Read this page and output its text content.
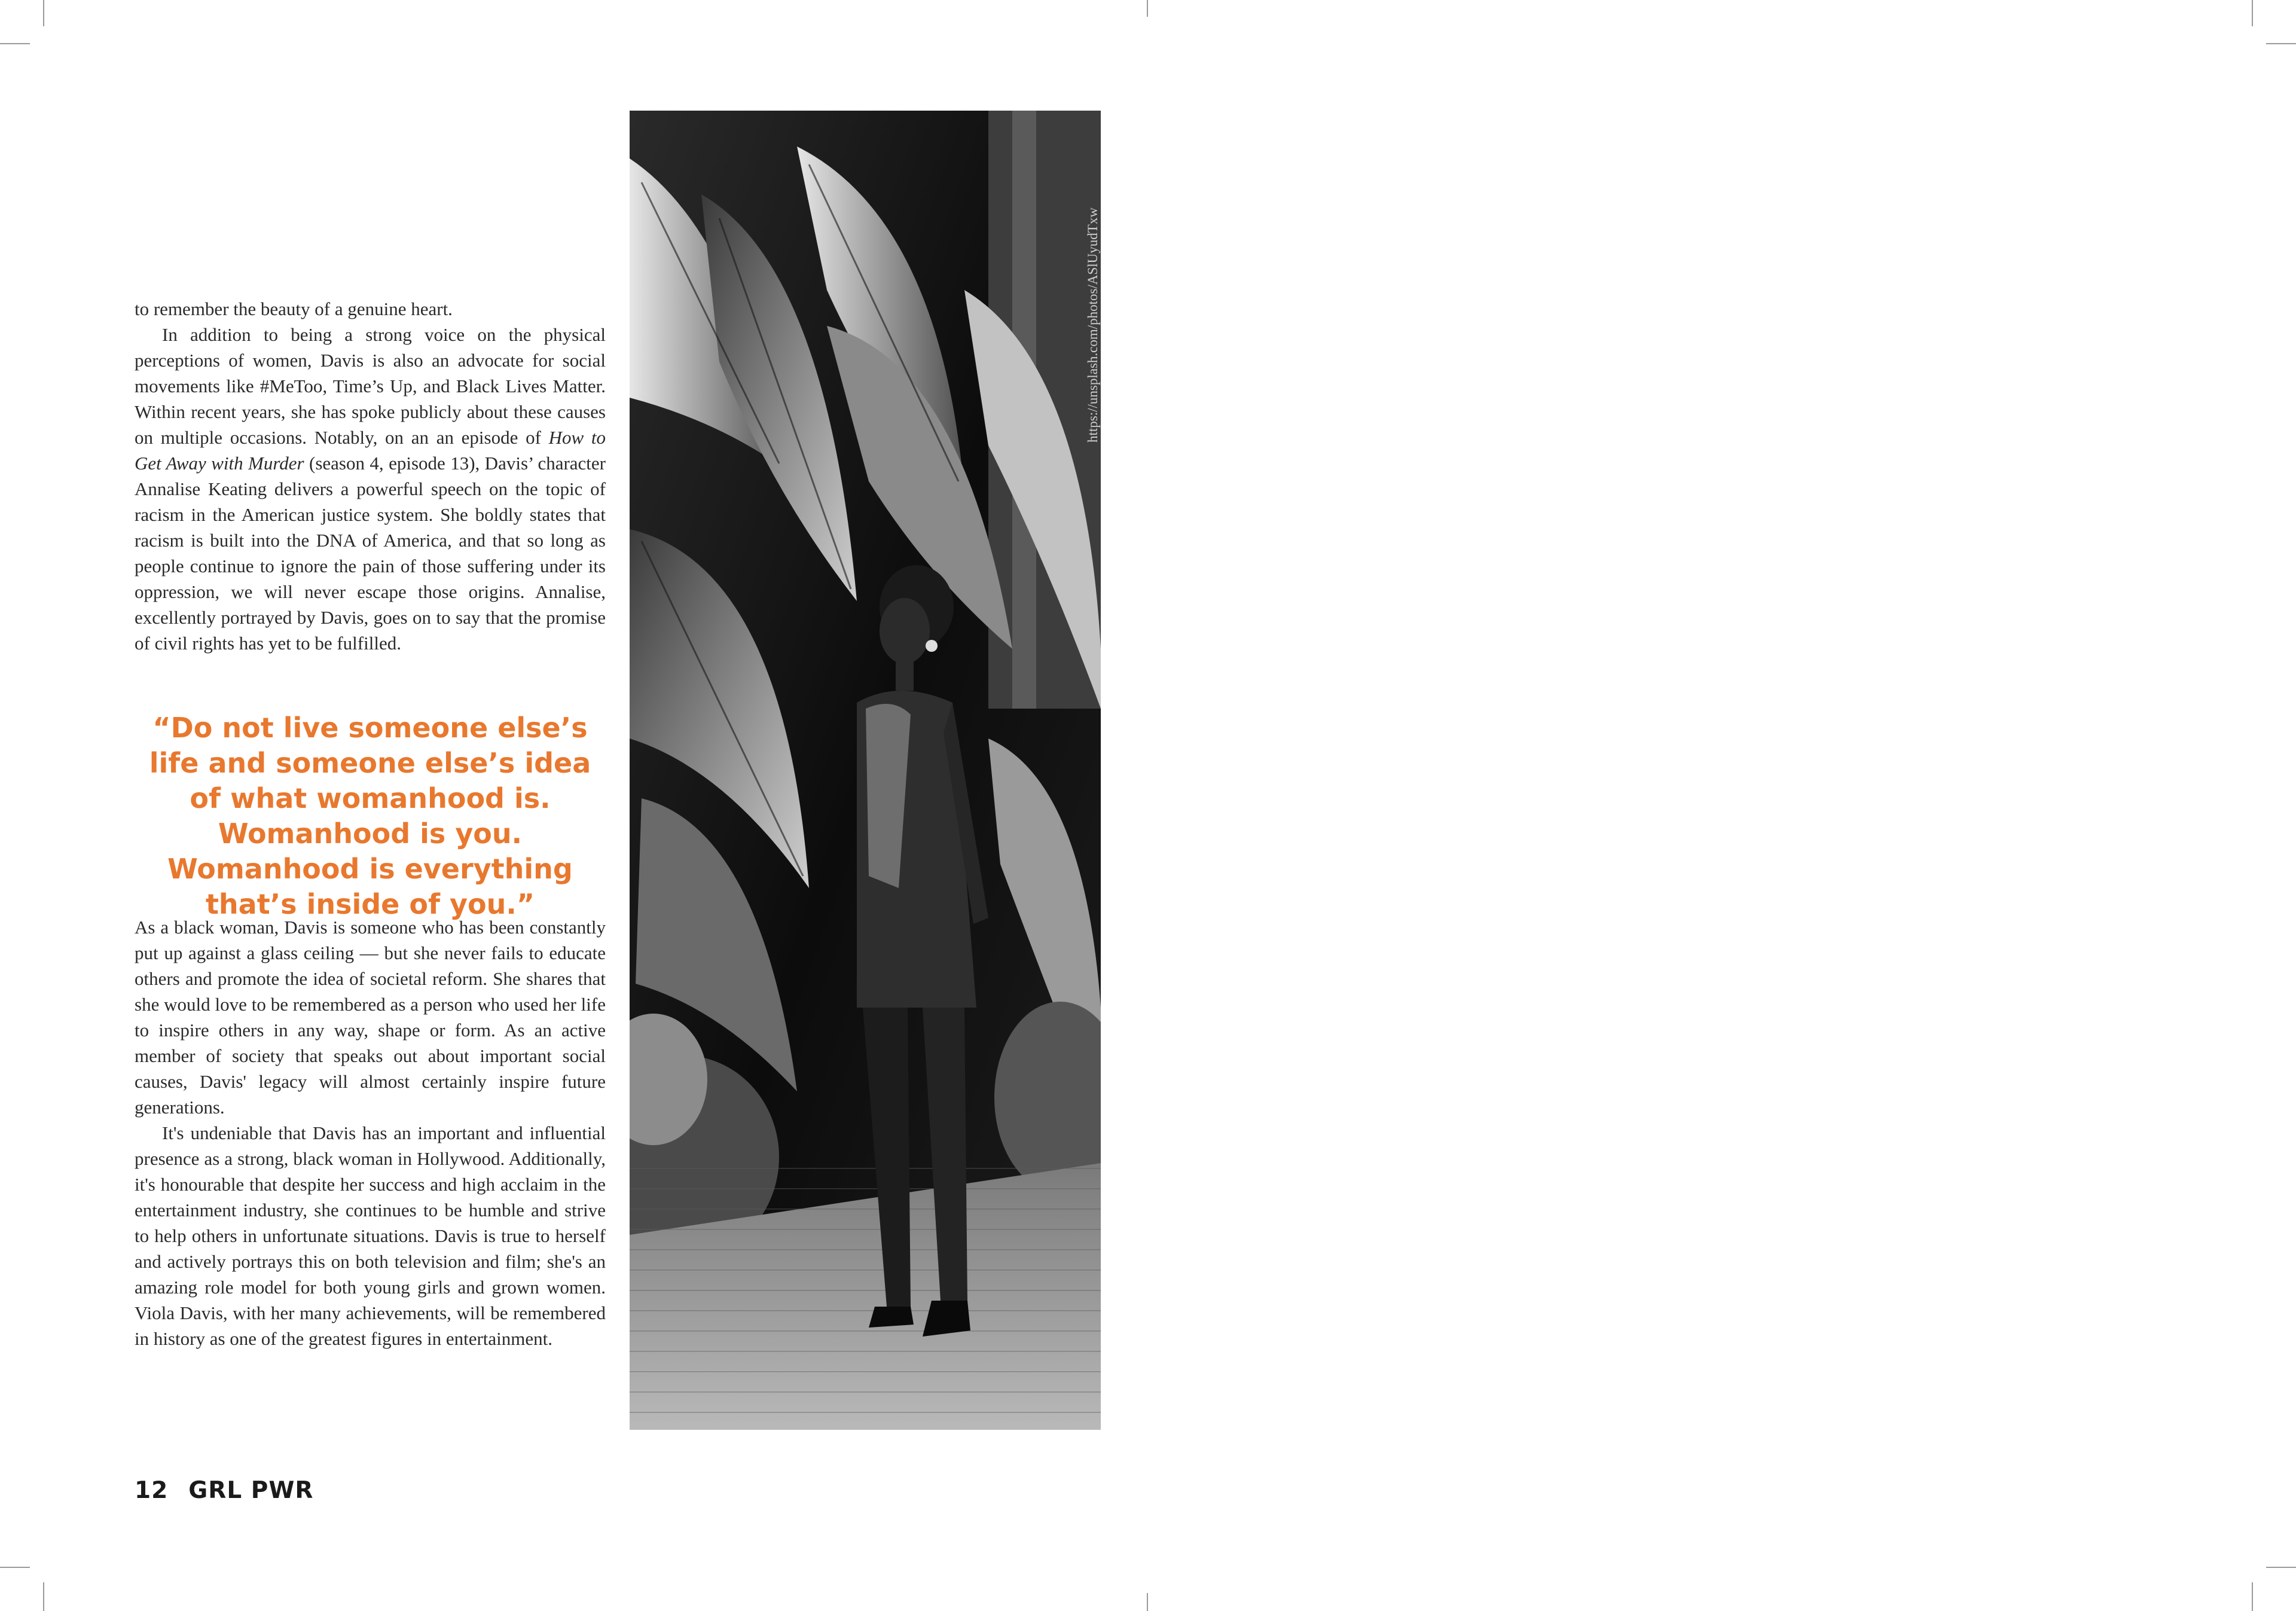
to remember the beauty of a genuine heart.

In addition to being a strong voice on the physical perceptions of women, Davis is also an advocate for social movements like #MeToo, Time’s Up, and Black Lives Matter. Within recent years, she has spoke publicly about these causes on multiple occasions. Notably, on an an episode of How to Get Away with Murder (season 4, episode 13), Davis’ character Annalise Keating delivers a powerful speech on the topic of racism in the American justice system. She boldly states that racism is built into the DNA of America, and that so long as people continue to ignore the pain of those suffering under its oppression, we will never escape those origins. Annalise, excellently portrayed by Davis, goes on to say that the promise of civil rights has yet to be fulfilled.

“Do not live someone else’s life and someone else’s idea of what womanhood is. Womanhood is you. Womanhood is everything that’s inside of you.”

As a black woman, Davis is someone who has been constantly put up against a glass ceiling — but she never fails to educate others and promote the idea of societal reform. She shares that she would love to be remembered as a person who used her life to inspire others in any way, shape or form. As an active member of society that speaks out about important social causes, Davis' legacy will almost certainly inspire future generations.

It's undeniable that Davis has an important and influential presence as a strong, black woman in Hollywood. Additionally, it's honourable that despite her success and high acclaim in the entertainment industry, she continues to be humble and strive to help others in unfortunate situations. Davis is true to herself and actively portrays this on both television and film; she's an amazing role model for both young girls and grown women. Viola Davis, with her many achievements, will be remembered in history as one of the greatest figures in entertainment.

https://unsplash.com/photos/ASlUyudTxw
12 GRL PWR
